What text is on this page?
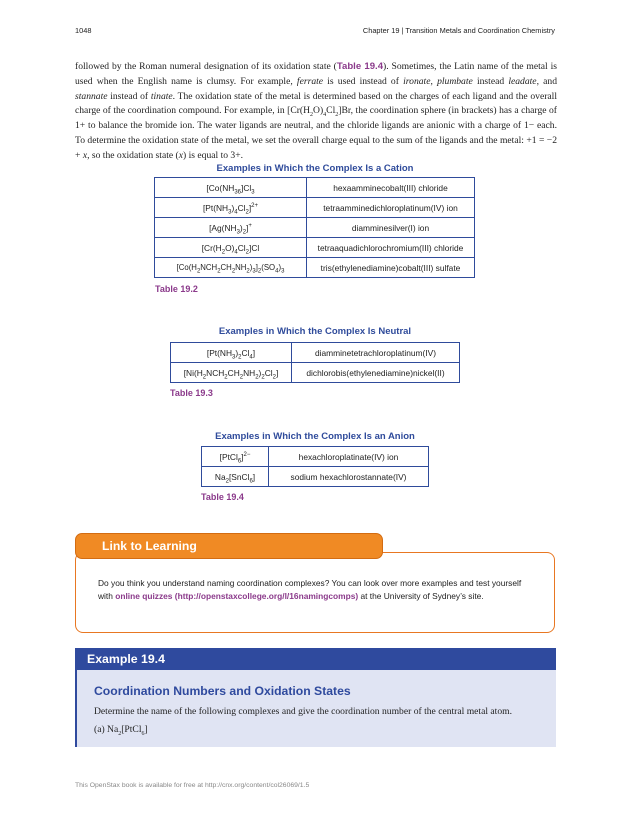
1048	Chapter 19 | Transition Metals and Coordination Chemistry

followed by the Roman numeral designation of its oxidation state (Table 19.4). Sometimes, the Latin name of the metal is used when the English name is clumsy. For example, ferrate is used instead of ironate, plumbate instead leadate, and stannate instead of tinate. The oxidation state of the metal is determined based on the charges of each ligand and the overall charge of the coordination compound. For example, in $[Cr(H_2O)_4Cl_2]Br$, the coordination sphere (in brackets) has a charge of 1+ to balance the bromide ion. The water ligands are neutral, and the chloride ligands are anionic with a charge of 1− each. To determine the oxidation state of the metal, we set the overall charge equal to the sum of the ligands and the metal: +1 = −2 + x, so the oxidation state (x) is equal to 3+.

Examples in Which the Complex Is a Cation
[$Co(NH_{36}]Cl_3$	hexaamminecobalt(III) chloride
$[Pt(NH_3)_4Cl_2]^{2+}$	tetraamminedichloroplatinum(IV) ion
$[Ag(NH_3)_2]^+$	diamminesilver(I) ion
$[Cr(H_2O)_4Cl_2]Cl$	tetraaquadichlorochromium(III) chloride
$[Co(H_2NCH_2CH_2NH_2)_3]_2(SO_4)_3$	tris(ethylenediamine)cobalt(III) sulfate
Table 19.2
Examples in Which the Complex Is Neutral
$[Pt(NH_3)_2Cl_4]$	diamminetetrachloroplatinum(IV)
$[Ni(H_2NCH_2CH_2NH_2)_2Cl_2]$	dichlorobis(ethylenediamine)nickel(II)
Table 19.3
Examples in Which the Complex Is an Anion
[PtCl$_6$]$^{2-}$	hexachloroplatinate(IV) ion
$Na_2[SnCl_6]$	sodium hexachlorostannate(IV)
Table 19.4
Link to Learning
Do you think you understand naming coordination complexes? You can look over more examples and test yourself with online quizzes (http://openstaxcollege.org/l/16namingcomps) at the University of Sydney’s site.
Example 19.4
Coordination Numbers and Oxidation States
Determine the name of the following complexes and give the coordination number of the central metal atom.
(a) $Na_2[PtCl_6]$
This OpenStax book is available for free at http://cnx.org/content/col26069/1.5
